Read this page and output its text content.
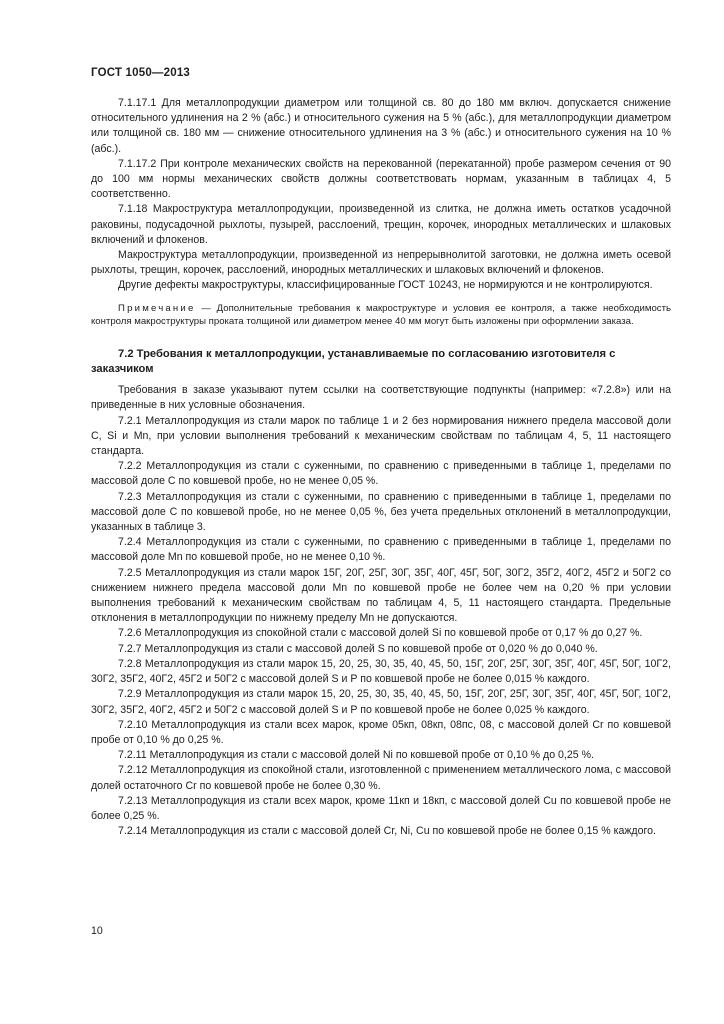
ГОСТ 1050—2013

7.1.17.1 Для металлопродукции диаметром или толщиной св. 80 до 180 мм включ. допускается снижение относительного удлинения на 2 % (абс.) и относительного сужения на 5 % (абс.), для металлопродукции диаметром или толщиной св. 180 мм — снижение относительного удлинения на 3 % (абс.) и относительного сужения на 10 % (абс.).

7.1.17.2 При контроле механических свойств на перекованной (перекатанной) пробе размером сечения от 90 до 100 мм нормы механических свойств должны соответствовать нормам, указанным в таблицах 4, 5 соответственно.

7.1.18 Макроструктура металлопродукции, произведенной из слитка, не должна иметь остатков усадочной раковины, подусадочной рыхлоты, пузырей, расслоений, трещин, корочек, инородных металлических и шлаковых включений и флокенов.

Макроструктура металлопродукции, произведенной из непрерывнолитой заготовки, не должна иметь осевой рыхлоты, трещин, корочек, расслоений, инородных металлических и шлаковых включений и флокенов.

Другие дефекты макроструктуры, классифицированные ГОСТ 10243, не нормируются и не контролируются.

Примечание — Дополнительные требования к макроструктуре и условия ее контроля, а также необходимость контроля макроструктуры проката толщиной или диаметром менее 40 мм могут быть изложены при оформлении заказа.

7.2 Требования к металлопродукции, устанавливаемые по согласованию изготовителя с заказчиком

Требования в заказе указывают путем ссылки на соответствующие подпункты (например: «7.2.8») или на приведенные в них условные обозначения.

7.2.1 Металлопродукция из стали марок по таблице 1 и 2 без нормирования нижнего предела массовой доли С, Si и Mn, при условии выполнения требований к механическим свойствам по таблицам 4, 5, 11 настоящего стандарта.

7.2.2 Металлопродукция из стали с суженными, по сравнению с приведенными в таблице 1, пределами по массовой доле С по ковшевой пробе, но не менее 0,05 %.

7.2.3 Металлопродукция из стали с суженными, по сравнению с приведенными в таблице 1, пределами по массовой доле С по ковшевой пробе, но не менее 0,05 %, без учета предельных отклонений в металлопродукции, указанных в таблице 3.

7.2.4 Металлопродукция из стали с суженными, по сравнению с приведенными в таблице 1, пределами по массовой доле Mn по ковшевой пробе, но не менее 0,10 %.

7.2.5 Металлопродукция из стали марок 15Г, 20Г, 25Г, 30Г, 35Г, 40Г, 45Г, 50Г, 30Г2, 35Г2, 40Г2, 45Г2 и 50Г2 со снижением нижнего предела массовой доли Mn по ковшевой пробе не более чем на 0,20 % при условии выполнения требований к механическим свойствам по таблицам 4, 5, 11 настоящего стандарта. Предельные отклонения в металлопродукции по нижнему пределу Mn не допускаются.

7.2.6 Металлопродукция из спокойной стали с массовой долей Si по ковшевой пробе от 0,17 % до 0,27 %.

7.2.7 Металлопродукция из стали с массовой долей S по ковшевой пробе от 0,020 % до 0,040 %.

7.2.8 Металлопродукция из стали марок 15, 20, 25, 30, 35, 40, 45, 50, 15Г, 20Г, 25Г, 30Г, 35Г, 40Г, 45Г, 50Г, 10Г2, 30Г2, 35Г2, 40Г2, 45Г2 и 50Г2 с массовой долей S и P по ковшевой пробе не более 0,015 % каждого.

7.2.9 Металлопродукция из стали марок 15, 20, 25, 30, 35, 40, 45, 50, 15Г, 20Г, 25Г, 30Г, 35Г, 40Г, 45Г, 50Г, 10Г2, 30Г2, 35Г2, 40Г2, 45Г2 и 50Г2 с массовой долей S и P по ковшевой пробе не более 0,025 % каждого.

7.2.10 Металлопродукция из стали всех марок, кроме 05кп, 08кп, 08пс, 08, с массовой долей Cr по ковшевой пробе от 0,10 % до 0,25 %.

7.2.11 Металлопродукция из стали с массовой долей Ni по ковшевой пробе от 0,10 % до 0,25 %.

7.2.12 Металлопродукция из спокойной стали, изготовленной с применением металлического лома, с массовой долей остаточного Cr по ковшевой пробе не более 0,30 %.

7.2.13 Металлопродукция из стали всех марок, кроме 11кп и 18кп, с массовой долей Cu по ковшевой пробе не более 0,25 %.

7.2.14 Металлопродукция из стали с массовой долей Cr, Ni, Cu по ковшевой пробе не более 0,15 % каждого.

10
